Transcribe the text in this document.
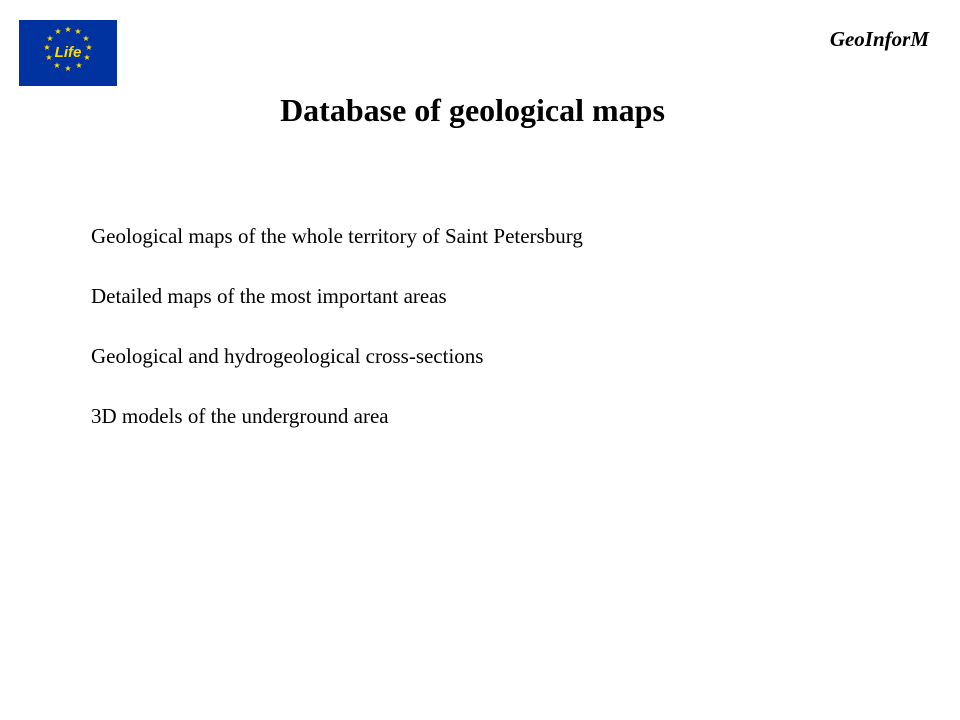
★ ★
★
★
★
★
★
★
★
★
★
★
Life
GeoInforM
Database of geological maps
Geological maps of the whole territory of Saint Petersburg
Detailed maps of the most important areas
Geological and hydrogeological cross-sections
3D models of the underground area
